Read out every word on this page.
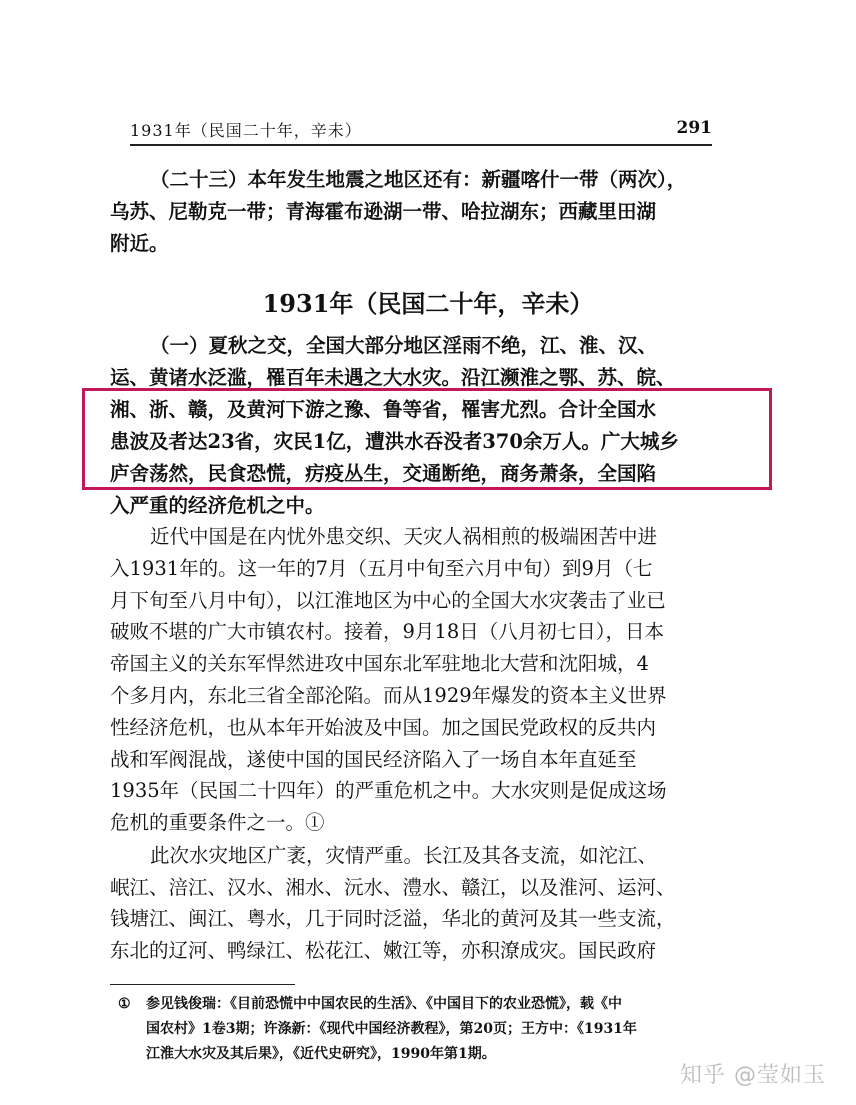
1931年（民国二十年，辛未）	291
（二十三）本年发生地震之地区还有：新疆喀什一带（两次），
乌苏、尼勒克一带；青海霍布逊湖一带、哈拉湖东；西藏里田湖
附近。
1931年（民国二十年，辛未）
（一）夏秋之交，全国大部分地区淫雨不绝，江、淮、汉、
运、黄诸水泛滥，罹百年未遇之大水灾。沿江濒淮之鄂、苏、皖、
湘、浙、赣，及黄河下游之豫、鲁等省，罹害尤烈。合计全国水
患波及者达23省，灾民1亿，遭洪水吞没者370余万人。广大城乡
庐舍荡然，民食恐慌，疠疫丛生，交通断绝，商务萧条，全国陷
入严重的经济危机之中。
近代中国是在内忧外患交织、天灾人祸相煎的极端困苦中进
入1931年的。这一年的7月（五月中旬至六月中旬）到9月（七
月下旬至八月中旬），以江淮地区为中心的全国大水灾袭击了业已
破败不堪的广大市镇农村。接着，9月18日（八月初七日），日本
帝国主义的关东军悍然进攻中国东北军驻地北大营和沈阳城，4
个多月内，东北三省全部沦陷。而从1929年爆发的资本主义世界
性经济危机，也从本年开始波及中国。加之国民党政权的反共内
战和军阀混战，遂使中国的国民经济陷入了一场自本年直延至
1935年（民国二十四年）的严重危机之中。大水灾则是促成这场
危机的重要条件之一。①
此次水灾地区广袤，灾情严重。长江及其各支流，如沱江、
岷江、涪江、汉水、湘水、沅水、澧水、赣江，以及淮河、运河、
钱塘江、闽江、粤水，几于同时泛溢，华北的黄河及其一些支流，
东北的辽河、鸭绿江、松花江、嫩江等，亦积潦成灾。国民政府
① 参见钱俊瑞：《目前恐慌中中国农民的生活》、《中国目下的农业恐慌》，载《中
国农村》1卷3期；许涤新：《现代中国经济教程》，第20页；王方中：《1931年
江淮大水灾及其后果》，《近代史研究》，1990年第1期。
知乎 @莹如玉
